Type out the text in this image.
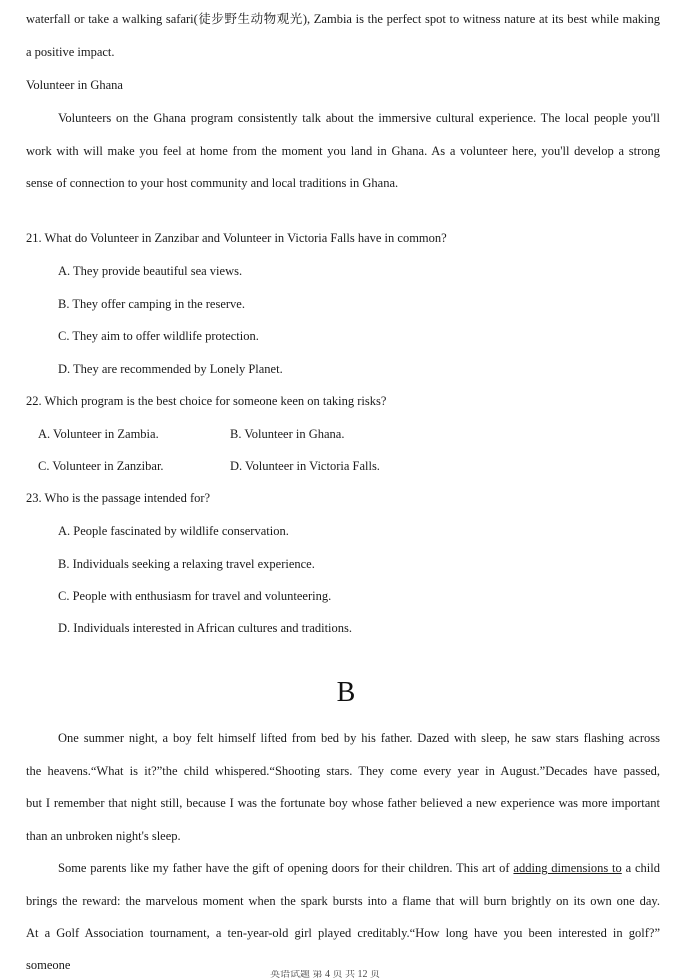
waterfall or take a walking safari(徒步野生动物观光), Zambia is the perfect spot to witness nature at its best while making
a positive impact.
Volunteer in Ghana
Volunteers on the Ghana program consistently talk about the immersive cultural experience. The local people you'll
work with will make you feel at home from the moment you land in Ghana. As a volunteer here, you'll develop a strong
sense of connection to your host community and local traditions in Ghana.
21. What do Volunteer in Zanzibar and Volunteer in Victoria Falls have in common?
A. They provide beautiful sea views.
B. They offer camping in the reserve.
C. They aim to offer wildlife protection.
D. They are recommended by Lonely Planet.
22. Which program is the best choice for someone keen on taking risks?
A. Volunteer in Zambia.	B. Volunteer in Ghana.
C. Volunteer in Zanzibar.	D. Volunteer in Victoria Falls.
23. Who is the passage intended for?
A. People fascinated by wildlife conservation.
B. Individuals seeking a relaxing travel experience.
C. People with enthusiasm for travel and volunteering.
D. Individuals interested in African cultures and traditions.
B
One summer night, a boy felt himself lifted from bed by his father. Dazed with sleep, he saw stars flashing across
the heavens.“What is it?”the child whispered.“Shooting stars. They come every year in August.”Decades have passed,
but I remember that night still, because I was the fortunate boy whose father believed a new experience was more important
than an unbroken night's sleep.
Some parents like my father have the gift of opening doors for their children. This art of adding dimensions to a child
brings the reward: the marvelous moment when the spark bursts into a flame that will burn brightly on its own one day.
At a Golf Association tournament, a ten-year-old girl played creditably.“How long have you been interested in golf?”
someone
英语试题 第 4 页 共 12 页
